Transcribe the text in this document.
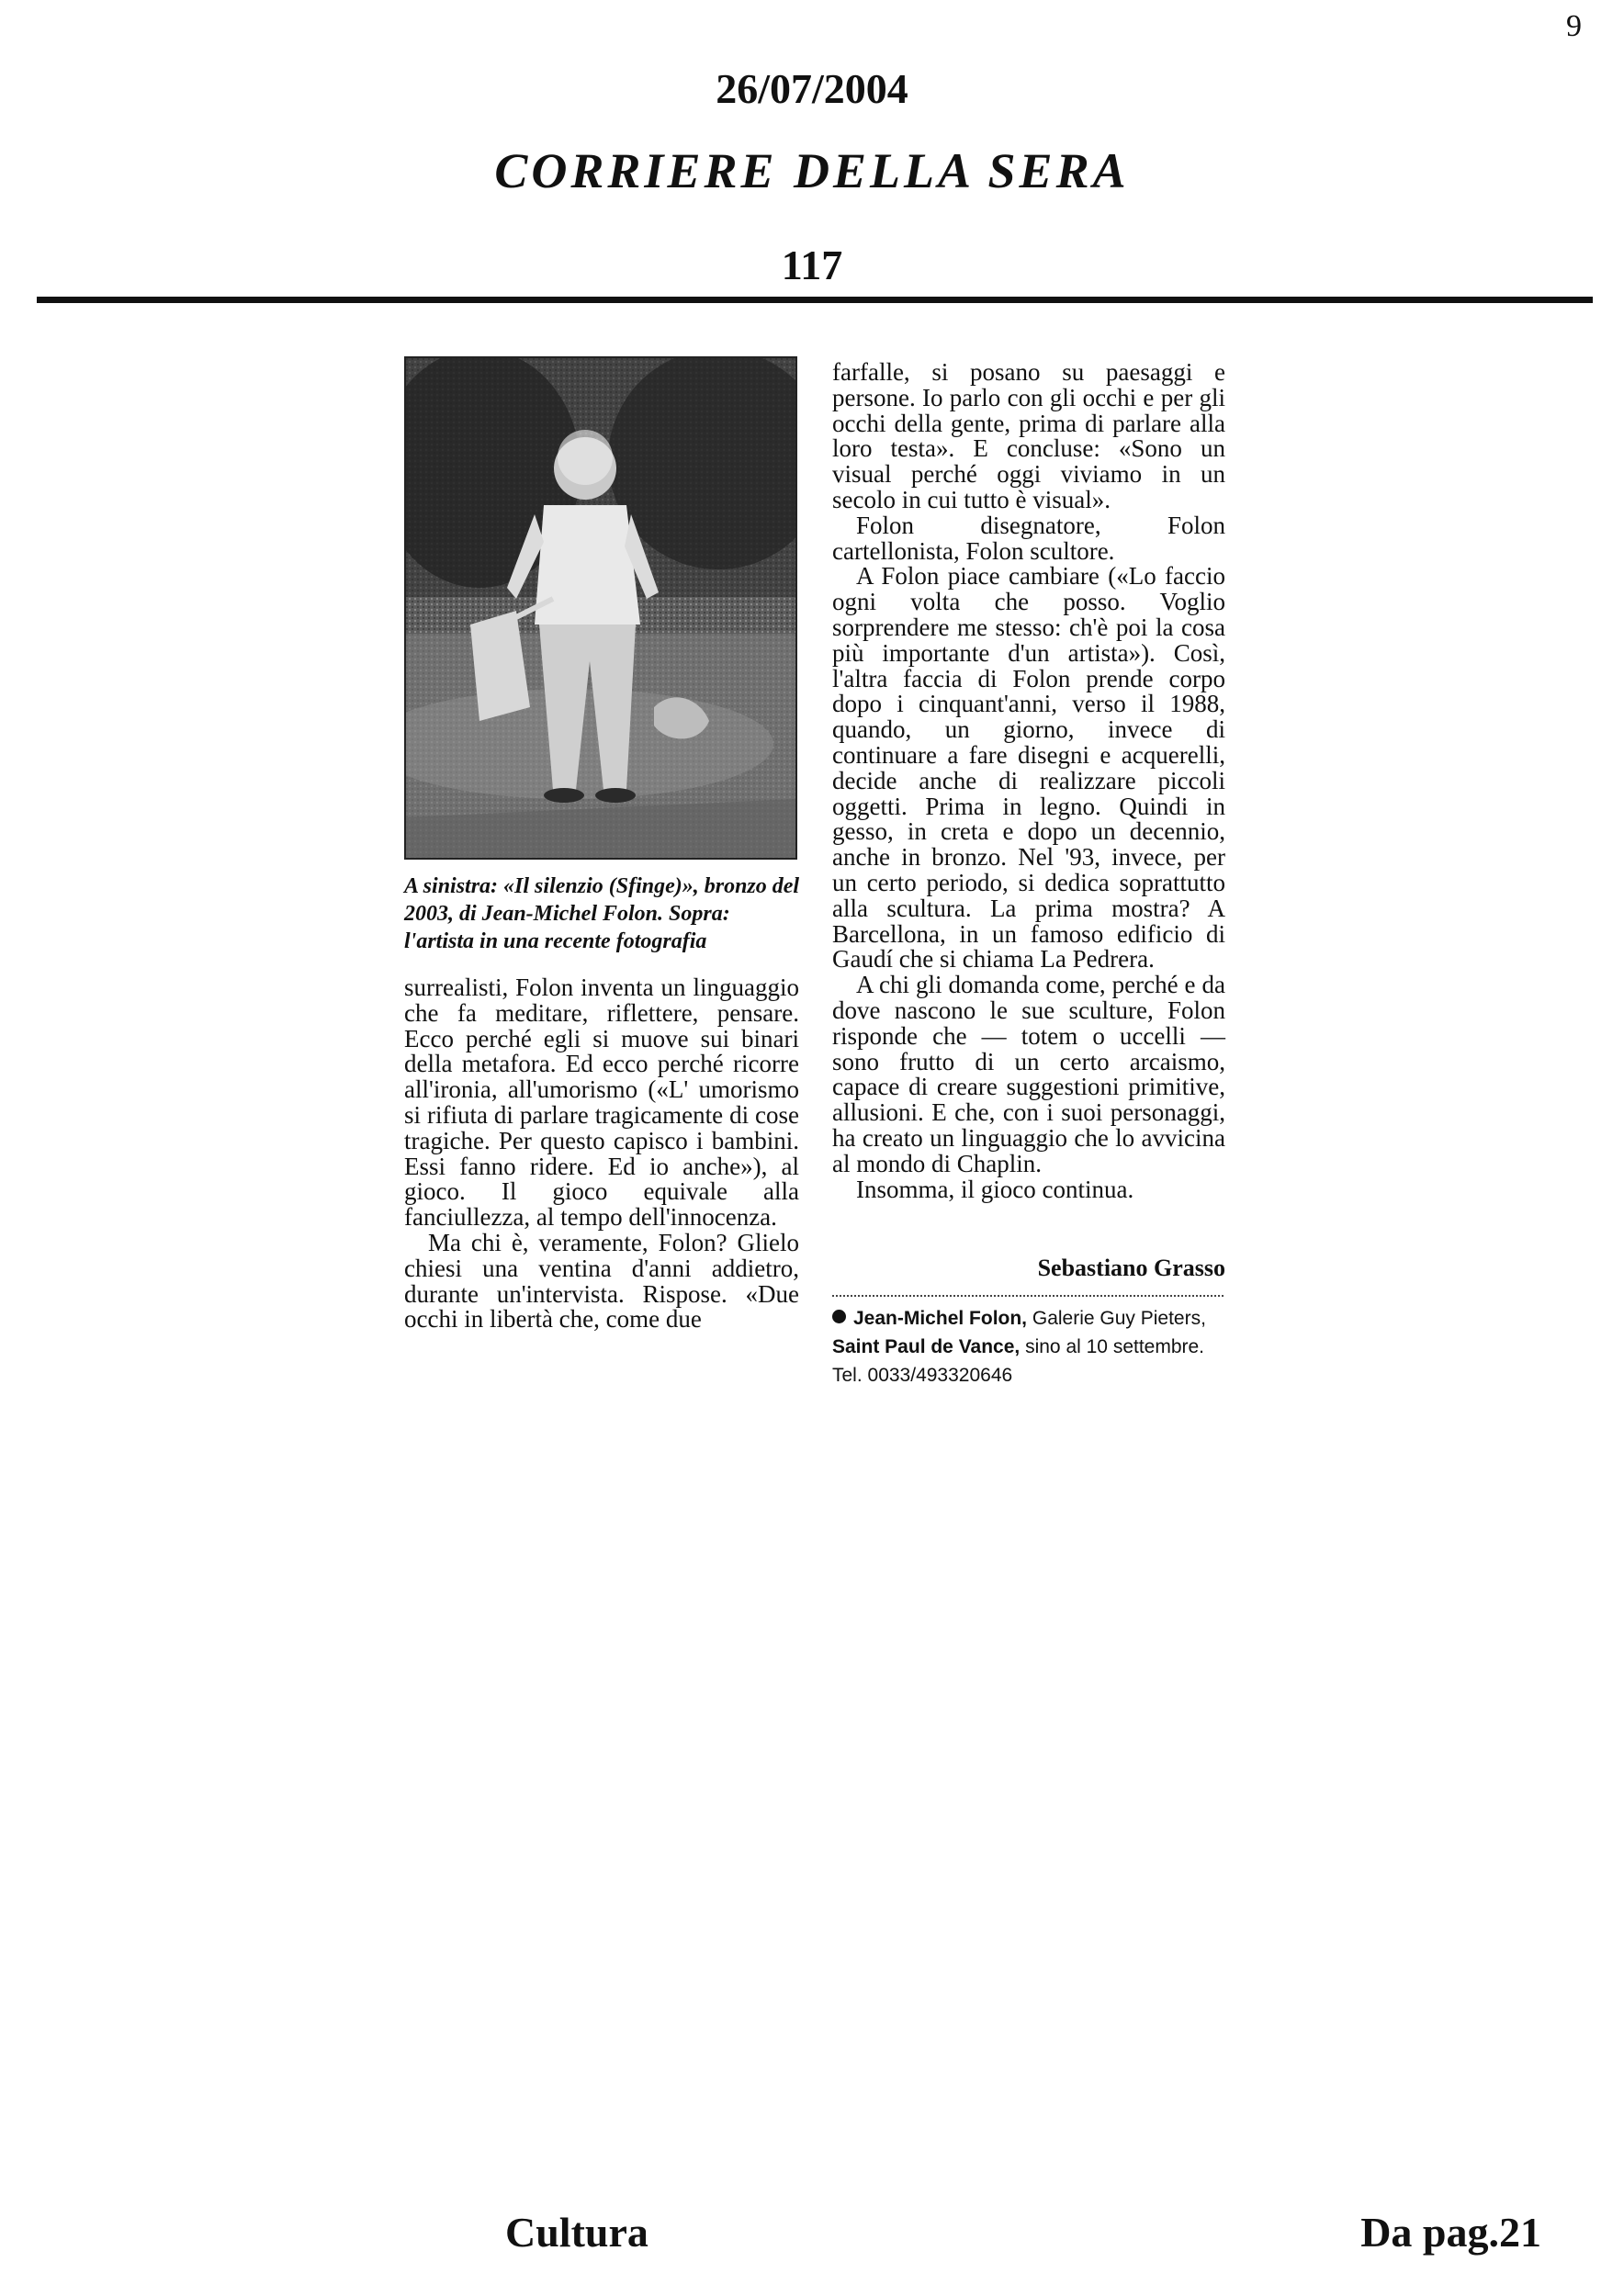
9
26/07/2004
CORRIERE DELLA SERA
117
A sinistra: «Il silenzio (Sfinge)», bronzo del 2003, di Jean-Michel Folon. Sopra: l'artista in una recente fotografia

surrealisti, Folon inventa un linguaggio che fa meditare, riflettere, pensare. Ecco perché egli si muove sui binari della metafora. Ed ecco perché ricorre all'ironia, all'umorismo («L' umorismo si rifiuta di parlare tragicamente di cose tragiche. Per questo capisco i bambini. Essi fanno ridere. Ed io anche»), al gioco. Il gioco equivale alla fanciullezza, al tempo dell'innocenza.

Ma chi è, veramente, Folon? Glielo chiesi una ventina d'anni addietro, durante un'intervista. Rispose. «Due occhi in libertà che, come due

farfalle, si posano su paesaggi e persone. Io parlo con gli occhi e per gli occhi della gente, prima di parlare alla loro testa». E concluse: «Sono un visual perché oggi viviamo in un secolo in cui tutto è visual».

Folon disegnatore, Folon cartellonista, Folon scultore.

A Folon piace cambiare («Lo faccio ogni volta che posso. Voglio sorprendere me stesso: ch'è poi la cosa più importante d'un artista»). Così, l'altra faccia di Folon prende corpo dopo i cinquant'anni, verso il 1988, quando, un giorno, invece di continuare a fare disegni e acquerelli, decide anche di realizzare piccoli oggetti. Prima in legno. Quindi in gesso, in creta e dopo un decennio, anche in bronzo. Nel '93, invece, per un certo periodo, si dedica soprattutto alla scultura. La prima mostra? A Barcellona, in un famoso edificio di Gaudí che si chiama La Pedrera.

A chi gli domanda come, perché e da dove nascono le sue sculture, Folon risponde che — totem o uccelli — sono frutto di un certo arcaismo, capace di creare suggestioni primitive, allusioni. E che, con i suoi personaggi, ha creato un linguaggio che lo avvicina al mondo di Chaplin.

Insomma, il gioco continua.

Sebastiano Grasso
Jean-Michel Folon, Galerie Guy Pieters, Saint Paul de Vance, sino al 10 settembre. Tel. 0033/493320646
Cultura	Da pag.21
